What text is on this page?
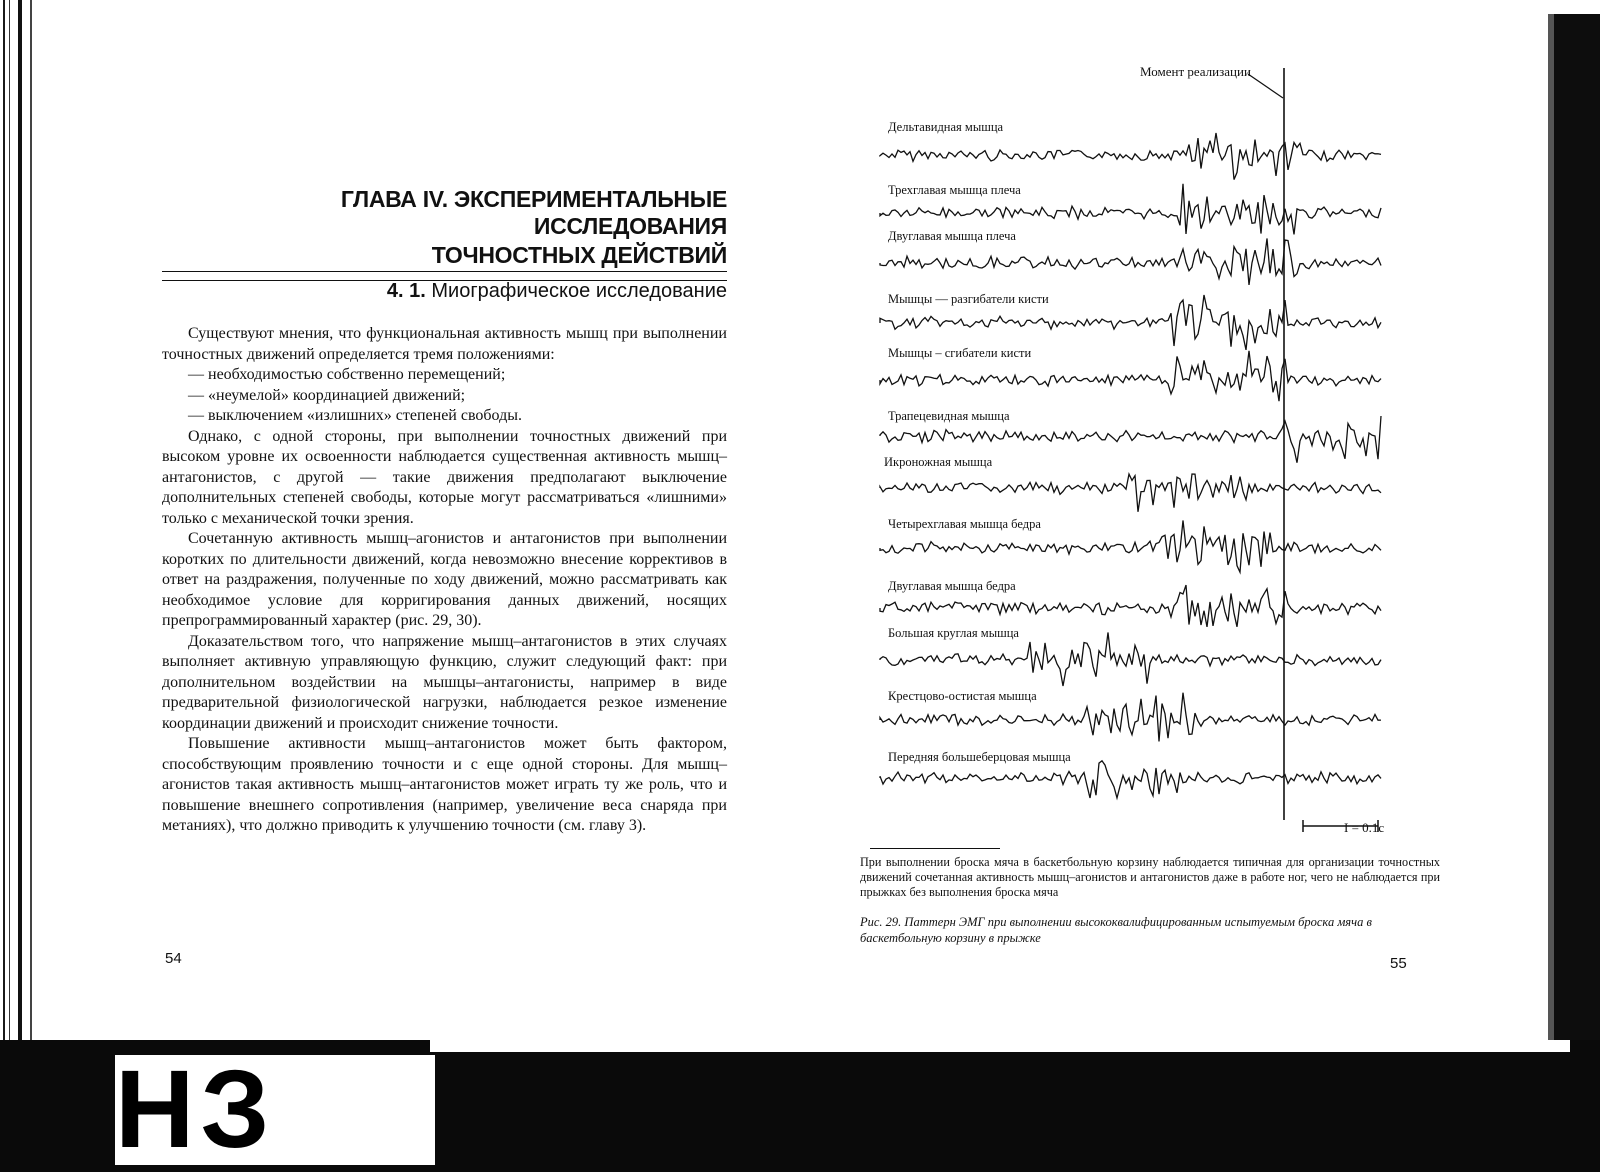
НЗ
ГЛАВА IV. ЭКСПЕРИМЕНТАЛЬНЫЕ ИССЛЕДОВАНИЯ
ТОЧНОСТНЫХ ДЕЙСТВИЙ
4. 1. Миографическое исследование

Существуют мнения, что функциональная активность мышц при выполнении точностных движений определяется тремя положениями:

— необходимостью собственно перемещений;

— «неумелой» координацией движений;

— выключением «излишних» степеней свободы.

Однако, с одной стороны, при выполнении точностных движений при высоком уровне их освоенности наблюдается существенная активность мышц–антагонистов, с другой — такие движения предполагают выключение дополнительных степеней свободы, которые могут рассматриваться «лишними» только с механической точки зрения.

Сочетанную активность мышц–агонистов и антагонистов при выполнении коротких по длительности движений, когда невозможно внесение коррективов в ответ на раздражения, полученные по ходу движений, можно рассматривать как необходимое условие для корригирования данных движений, носящих препрограммированный характер (рис. 29, 30).

Доказательством того, что напряжение мышц–антагонистов в этих случаях выполняет активную управляющую функцию, служит следующий факт: при дополнительном воздействии на мышцы–антагонисты, например в виде предварительной физиологической нагрузки, наблюдается резкое изменение координации движений и происходит снижение точности.

Повышение активности мышц–антагонистов может быть фактором, способствующим проявлению точности и с еще одной стороны. Для мышц–агонистов такая активность мышц–антагонистов может играть ту же роль, что и повышение внешнего сопротивления (например, увеличение веса снаряда при метаниях), что должно приводить к улучшению точности (см. главу 3).

54
Момент реализации
Дельтавидная мышца
Трехглавая мышца плеча
Двуглавая мышца плеча
Мышцы — разгибатели кисти
Мышцы – сгибатели кисти
Трапецевидная мышца
Икроножная мышца
Четырехглавая мышца бедра
Двуглавая мышца бедра
Большая круглая мышца
Крестцово-остистая мышца
Передняя большеберцовая мышца
I = 0.1c
При выполнении броска мяча в баскетбольную корзину наблюдается типичная для организации точностных движений сочетанная активность мышц–агонистов и антагонистов даже в работе ног, чего не наблюдается при прыжках без выполнения броска мяча
Рис. 29. Паттерн ЭМГ при выполнении высококвалифицированным испытуемым броска мяча в баскетбольную корзину в прыжке
55
